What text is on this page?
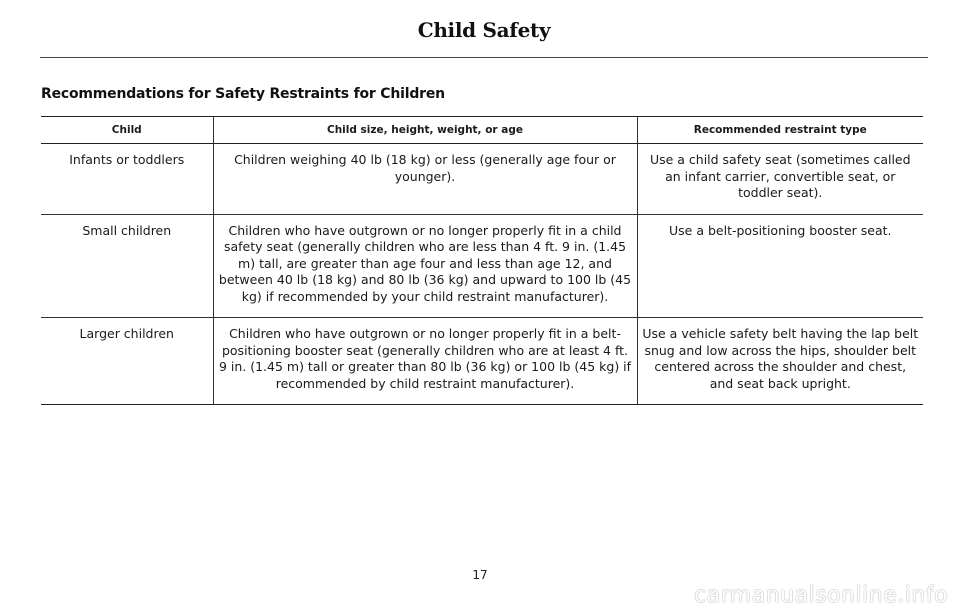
Child Safety
Recommendations for Safety Restraints for Children
Child	Child size, height, weight, or age	Recommended restraint type
Infants or toddlers	Children weighing 40 lb (18 kg) or less (generally age four or younger).	Use a child safety seat (sometimes called an infant carrier, convertible seat, or toddler seat).
Small children	Children who have outgrown or no longer properly fit in a child safety seat (generally children who are less than 4 ft. 9 in. (1.45 m) tall, are greater than age four and less than age 12, and between 40 lb (18 kg) and 80 lb (36 kg) and upward to 100 lb (45 kg) if recommended by your child restraint manufacturer).	Use a belt-positioning booster seat.
Larger children	Children who have outgrown or no longer properly fit in a belt-positioning booster seat (generally children who are at least 4 ft. 9 in. (1.45 m) tall or greater than 80 lb (36 kg) or 100 lb (45 kg) if recommended by child restraint manufacturer).	Use a vehicle safety belt having the lap belt snug and low across the hips, shoulder belt centered across the shoulder and chest, and seat back upright.
17
carmanualsonline.info
